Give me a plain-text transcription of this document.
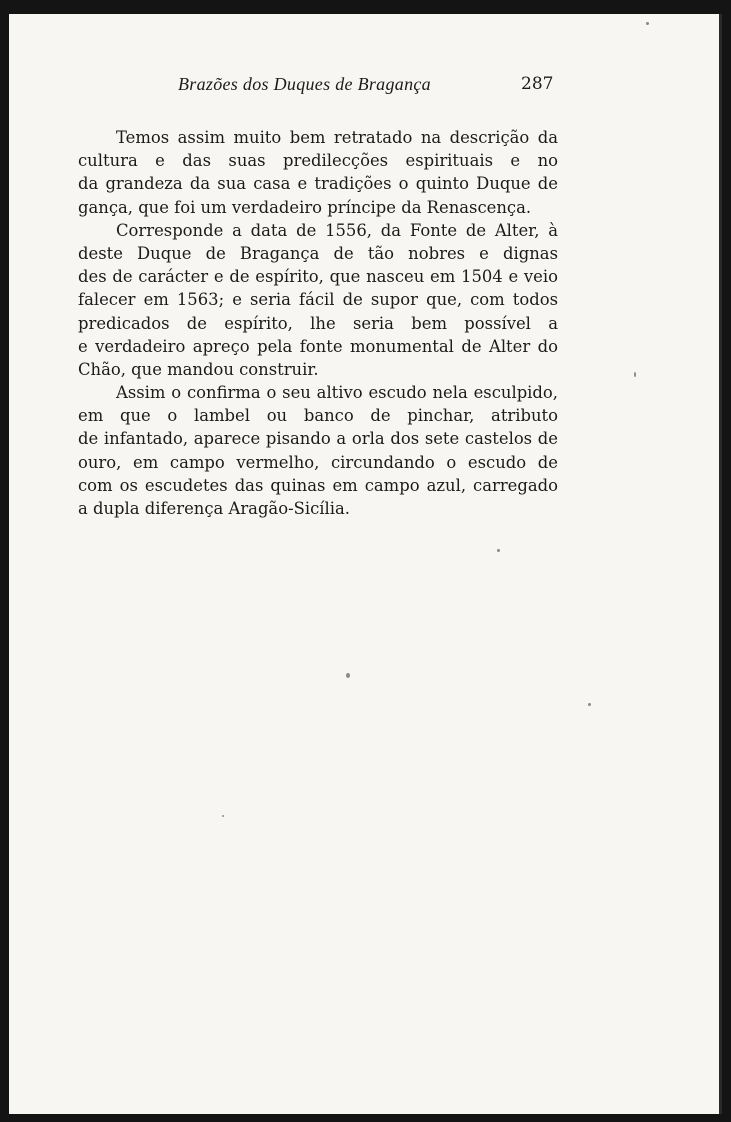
Brazões dos Duques de Bragança	287
Temos assim muito bem retratado na descrição da
cultura e das suas predilecções espirituais e no
da grandeza da sua casa e tradições o quinto Duque de
gança, que foi um verdadeiro príncipe da Renascença.
Corresponde a data de 1556, da Fonte de Alter, à
deste Duque de Bragança de tão nobres e dignas
des de carácter e de espírito, que nasceu em 1504 e veio
falecer em 1563; e seria fácil de supor que, com todos
predicados de espírito, lhe seria bem possível a
e verdadeiro apreço pela fonte monumental de Alter do
Chão, que mandou construir.
Assim o confirma o seu altivo escudo nela esculpido,
em que o lambel ou banco de pinchar, atributo
de infantado, aparece pisando a orla dos sete castelos de
ouro, em campo vermelho, circundando o escudo de
com os escudetes das quinas em campo azul, carregado
a dupla diferença Aragão-Sicília.
